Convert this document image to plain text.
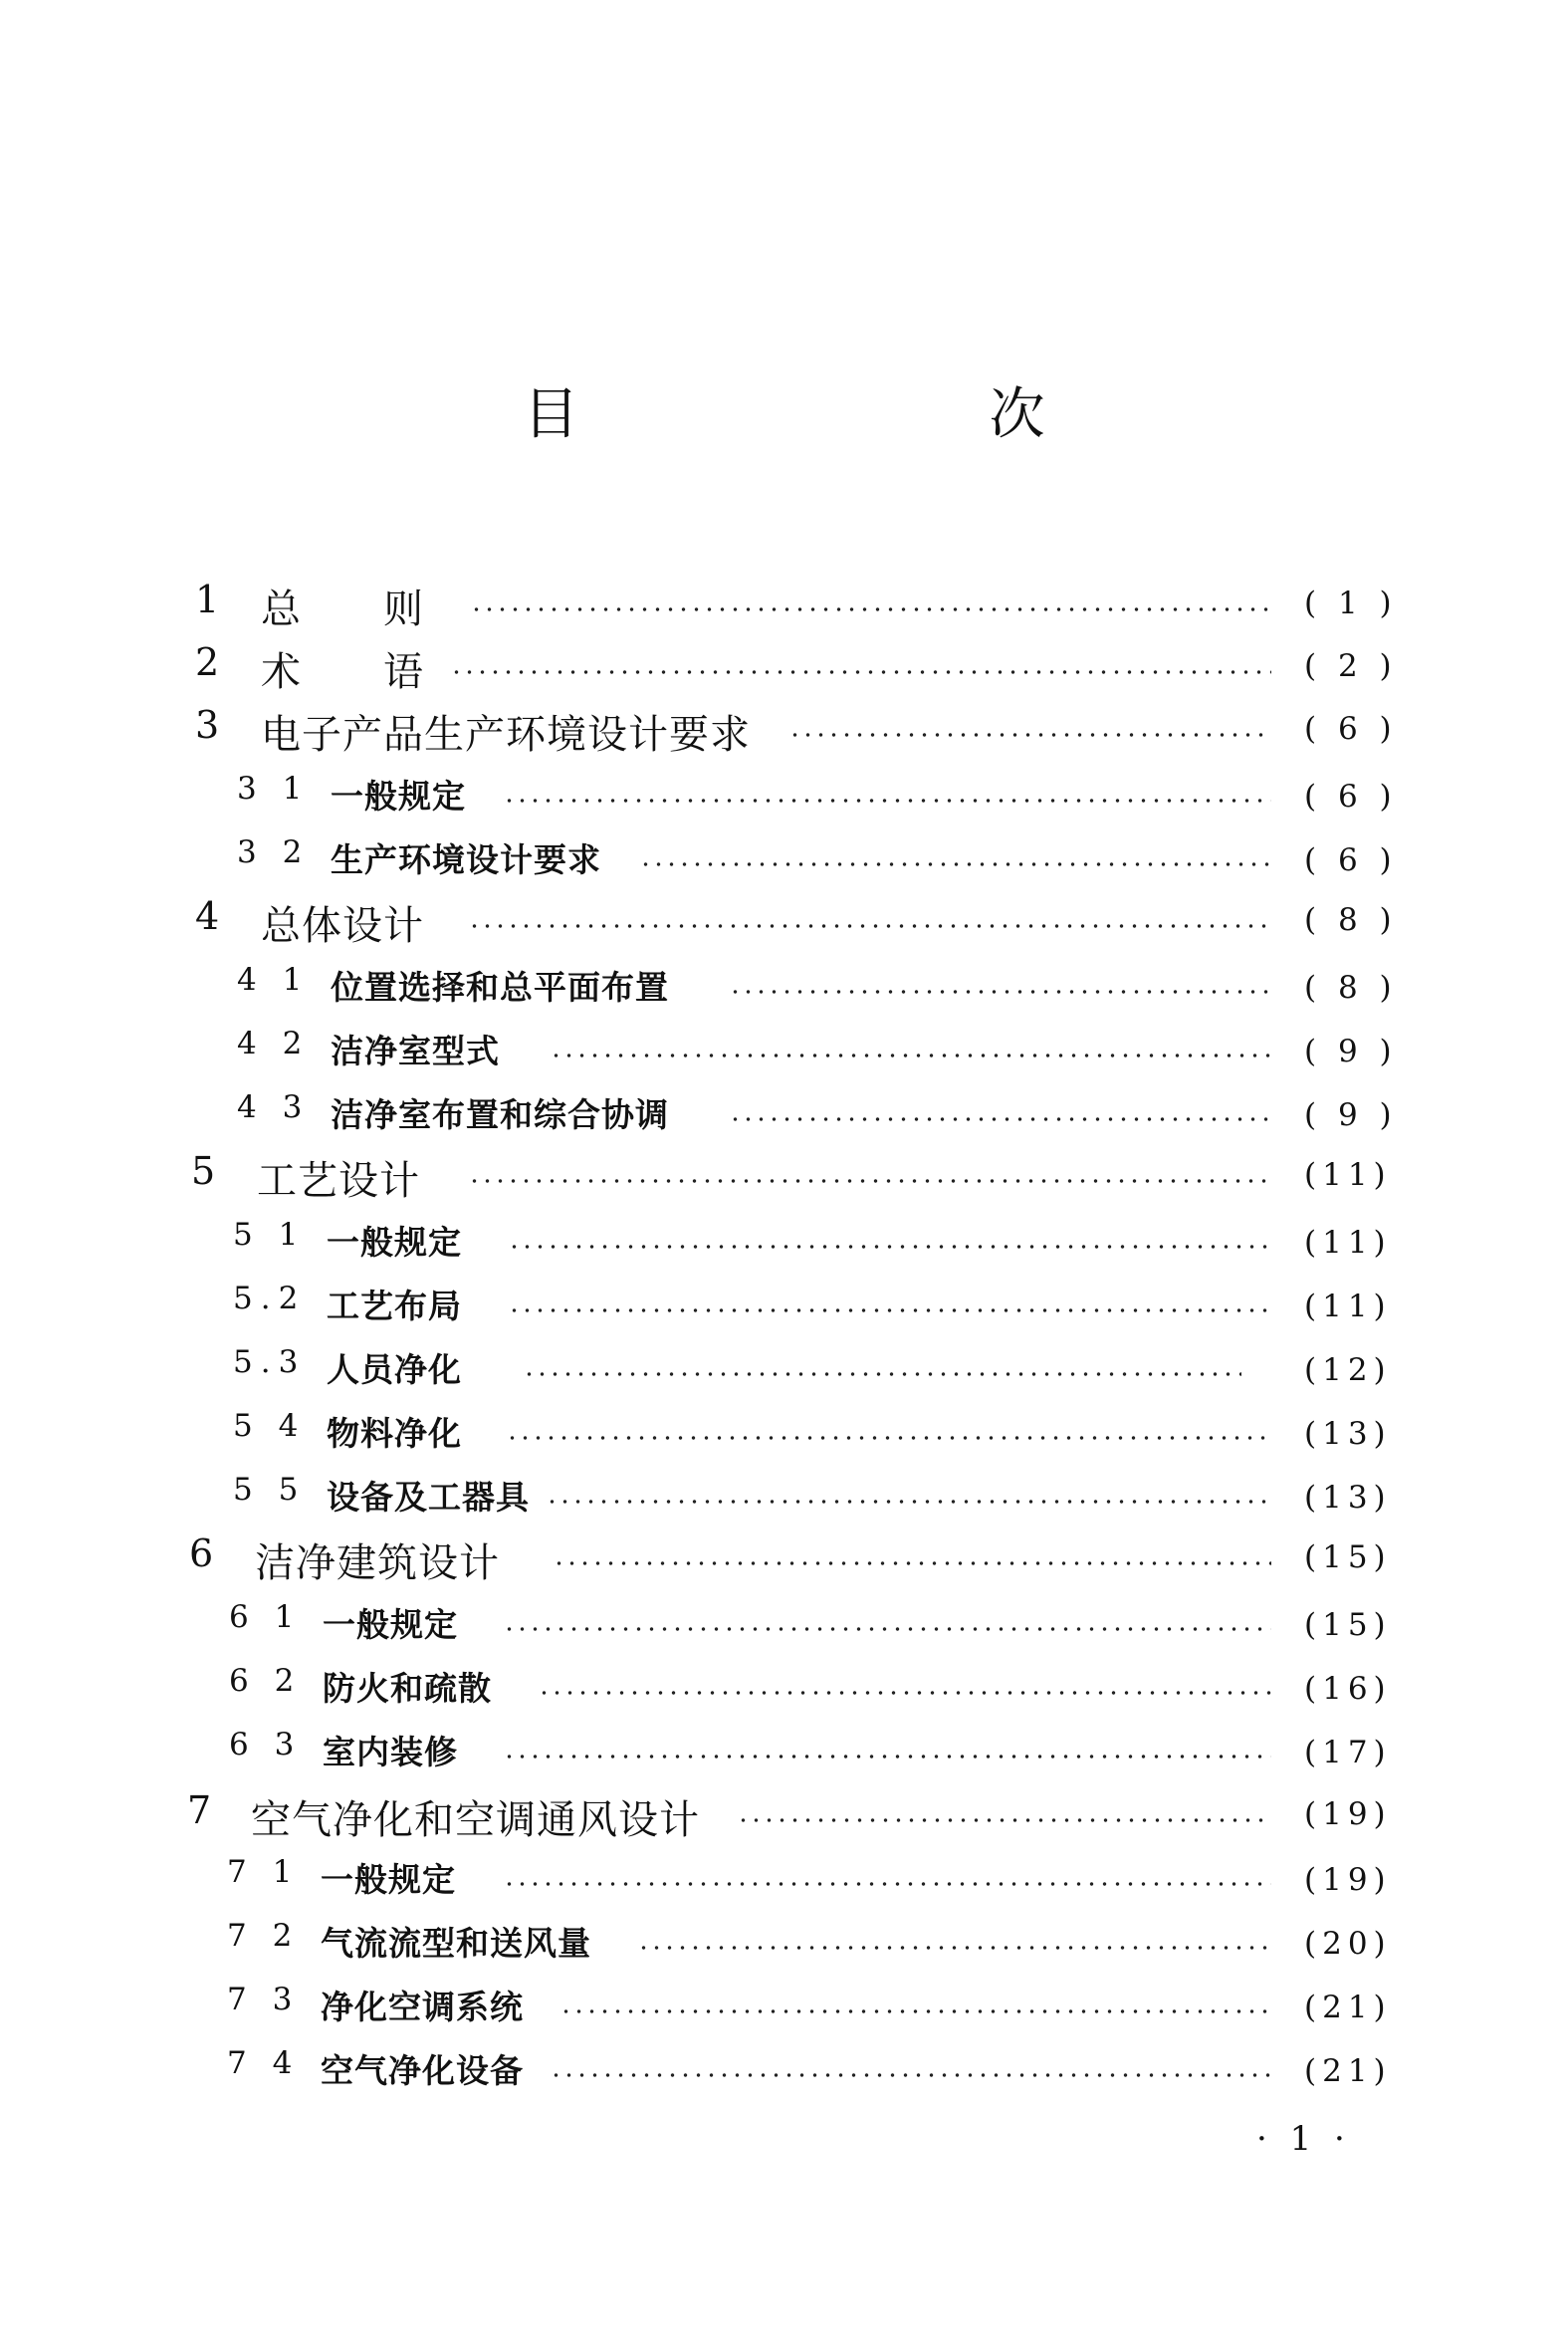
目　　次
1 总　　则	( 1 )
2 术　　语	( 2 )
3 电子产品生产环境设计要求	( 6 )
3 1 一般规定	( 6 )
3 2 生产环境设计要求	( 6 )
4 总体设计	( 8 )
4 1 位置选择和总平面布置	( 8 )
4 2 洁净室型式	( 9 )
4 3 洁净室布置和综合协调	( 9 )
5 工艺设计	(11)
5 1 一般规定	(11)
5.2 工艺布局	(11)
5.3 人员净化	(12)
5 4 物料净化	(13)
5 5 设备及工器具	(13)
6 洁净建筑设计	(15)
6 1 一般规定	(15)
6 2 防火和疏散	(16)
6 3 室内装修	(17)
7 空气净化和空调通风设计	(19)
7 1 一般规定	(19)
7 2 气流流型和送风量	(20)
7 3 净化空调系统	(21)
7 4 空气净化设备	(21)
· 1 ·
